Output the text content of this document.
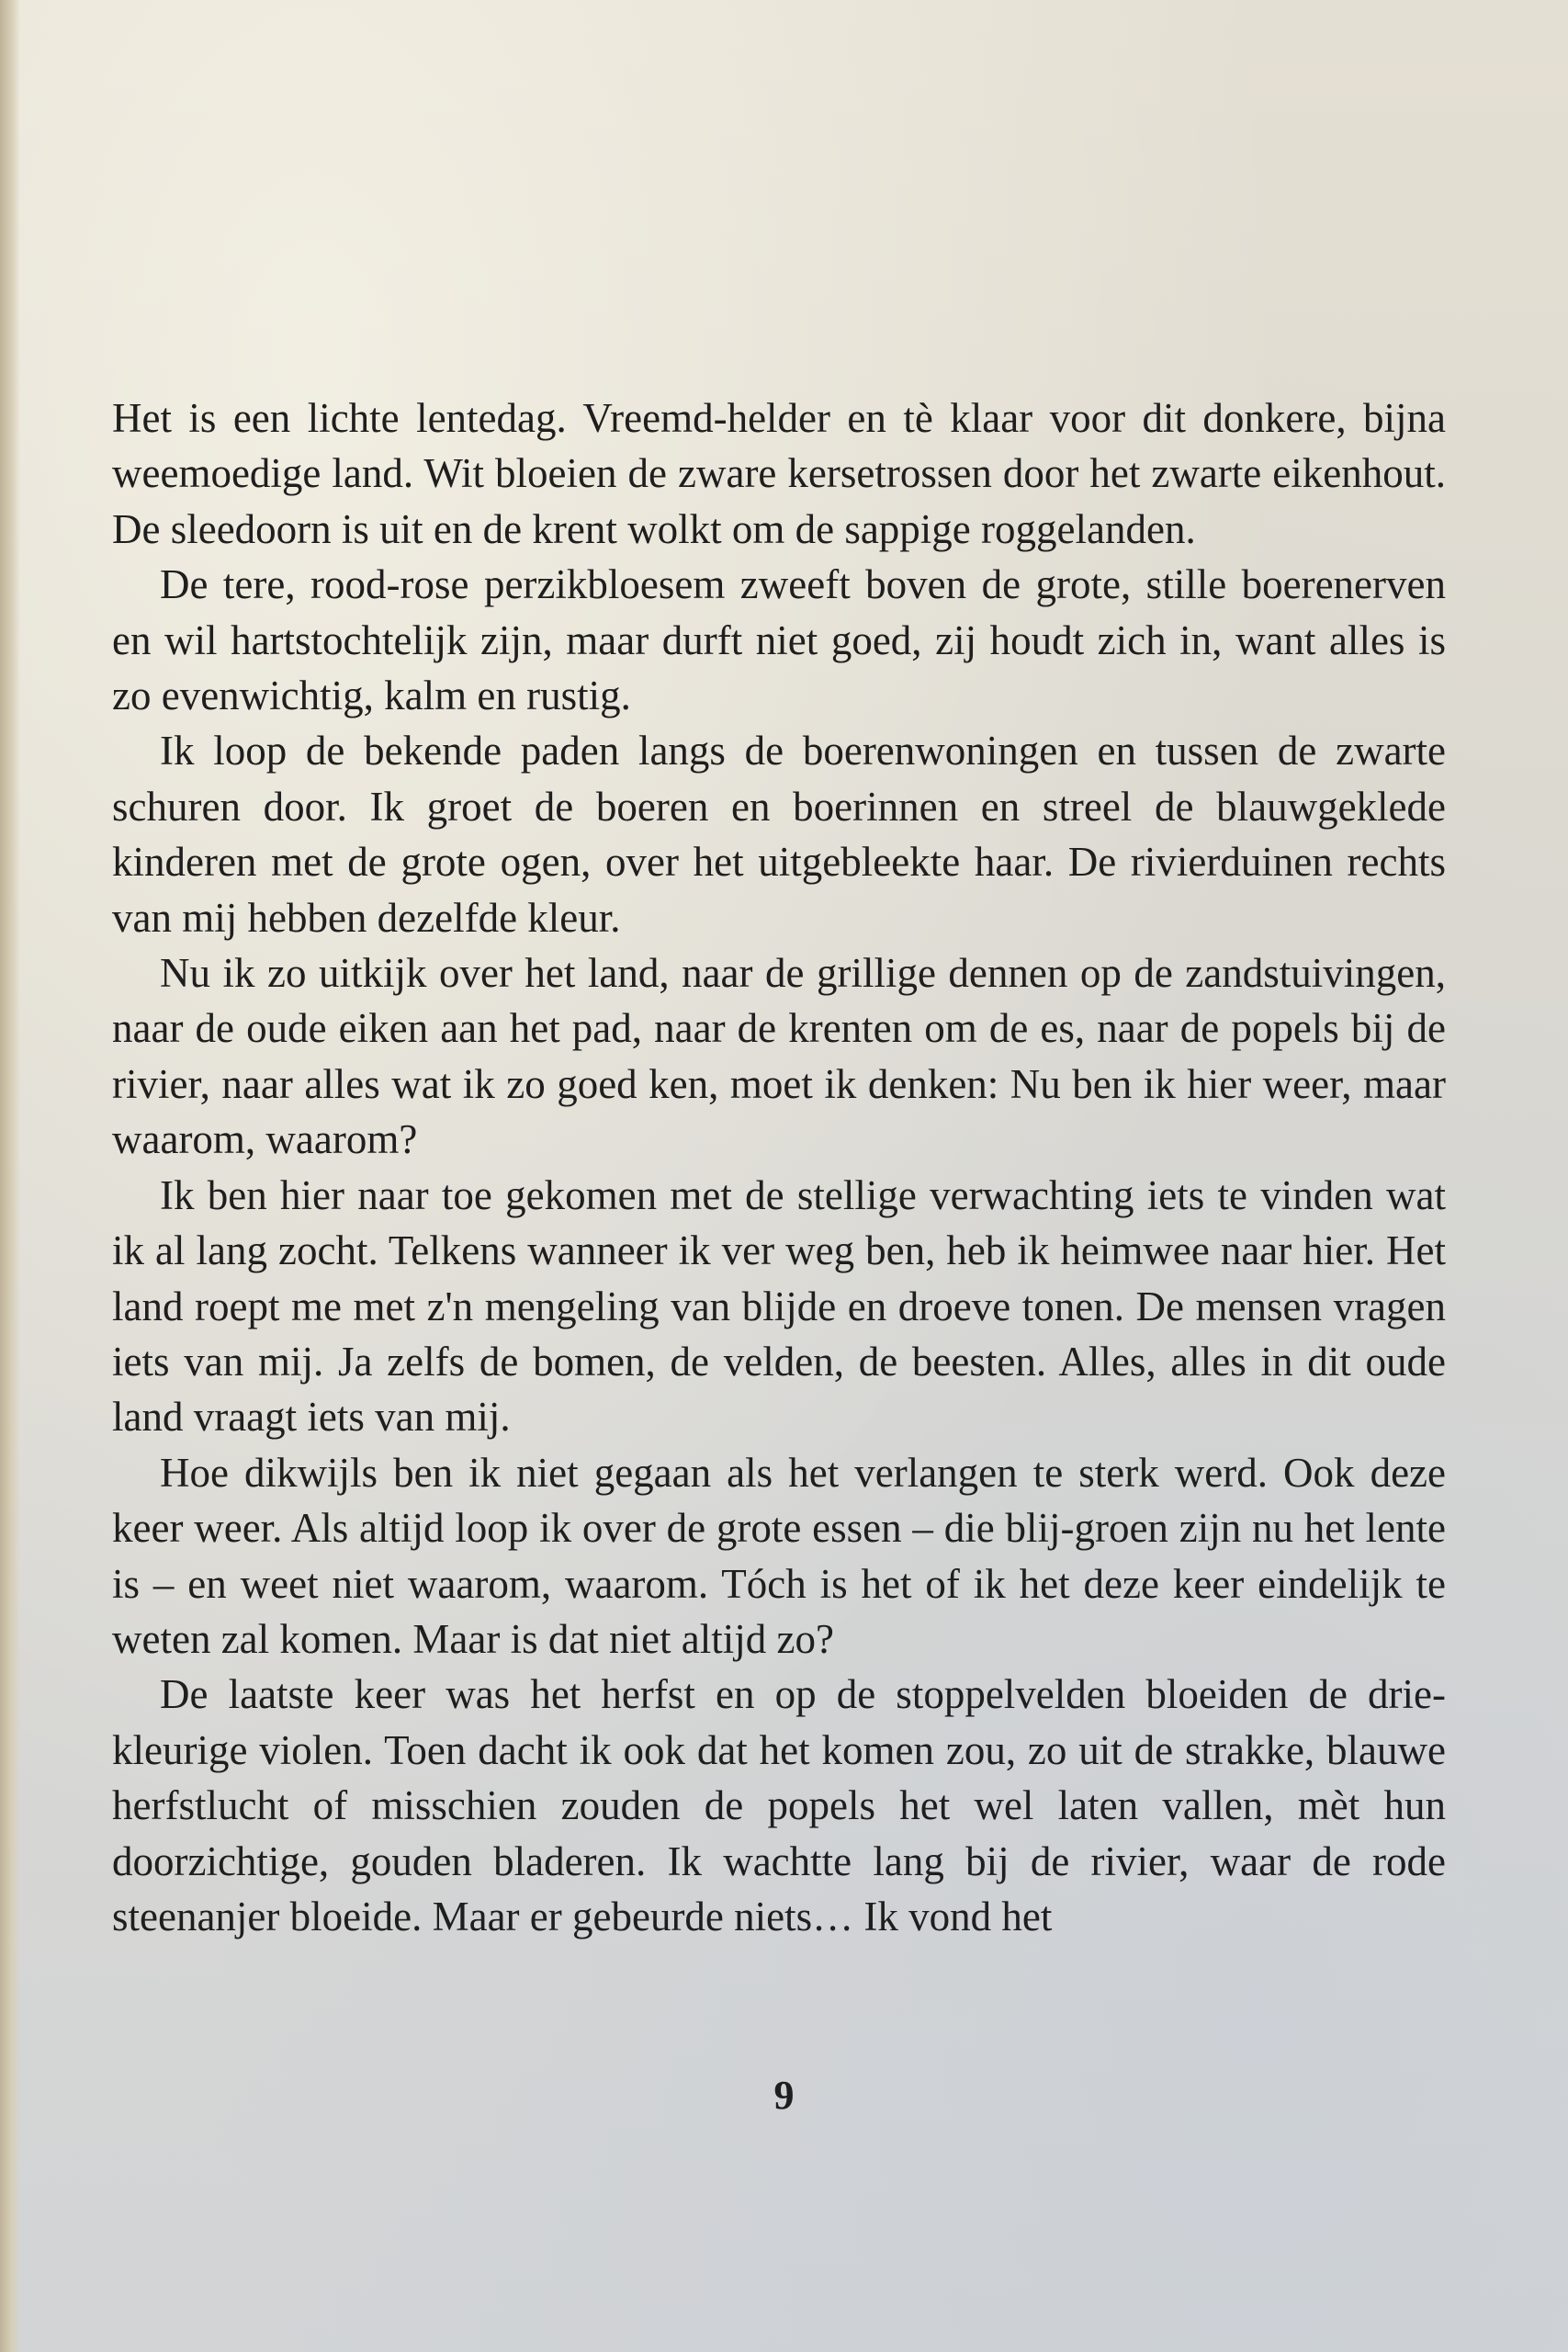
Het is een lichte lentedag. Vreemd-helder en tè klaar voor dit donkere, bijna weemoedige land. Wit bloeien de zware kersetrossen door het zwarte eikenhout. De sleedoorn is uit en de krent wolkt om de sappige roggelanden.

De tere, rood-rose perzikbloesem zweeft boven de grote, stille boerenerven en wil hartstochtelijk zijn, maar durft niet goed, zij houdt zich in, want alles is zo evenwichtig, kalm en rustig.

Ik loop de bekende paden langs de boerenwoningen en tussen de zwarte schuren door. Ik groet de boeren en boerinnen en streel de blauwgeklede kinderen met de grote ogen, over het uitgebleekte haar. De rivierduinen rechts van mij hebben dezelfde kleur.

Nu ik zo uitkijk over het land, naar de grillige dennen op de zandstuivingen, naar de oude eiken aan het pad, naar de krenten om de es, naar de popels bij de rivier, naar alles wat ik zo goed ken, moet ik denken: Nu ben ik hier weer, maar waarom, waarom?

Ik ben hier naar toe gekomen met de stellige verwachting iets te vinden wat ik al lang zocht. Telkens wanneer ik ver weg ben, heb ik heimwee naar hier. Het land roept me met z'n mengeling van blijde en droeve tonen. De mensen vragen iets van mij. Ja zelfs de bomen, de velden, de beesten. Alles, alles in dit oude land vraagt iets van mij.

Hoe dikwijls ben ik niet gegaan als het verlangen te sterk werd. Ook deze keer weer. Als altijd loop ik over de grote essen – die blij-groen zijn nu het lente is – en weet niet waarom, waarom. Tóch is het of ik het deze keer eindelijk te weten zal komen. Maar is dat niet altijd zo?

De laatste keer was het herfst en op de stoppelvelden bloeiden de driekleurige violen. Toen dacht ik ook dat het komen zou, zo uit de strakke, blauwe herfstlucht of misschien zouden de popels het wel laten vallen, mèt hun doorzichtige, gouden bladeren. Ik wachtte lang bij de rivier, waar de rode steenanjer bloeide. Maar er gebeurde niets… Ik vond het

9
